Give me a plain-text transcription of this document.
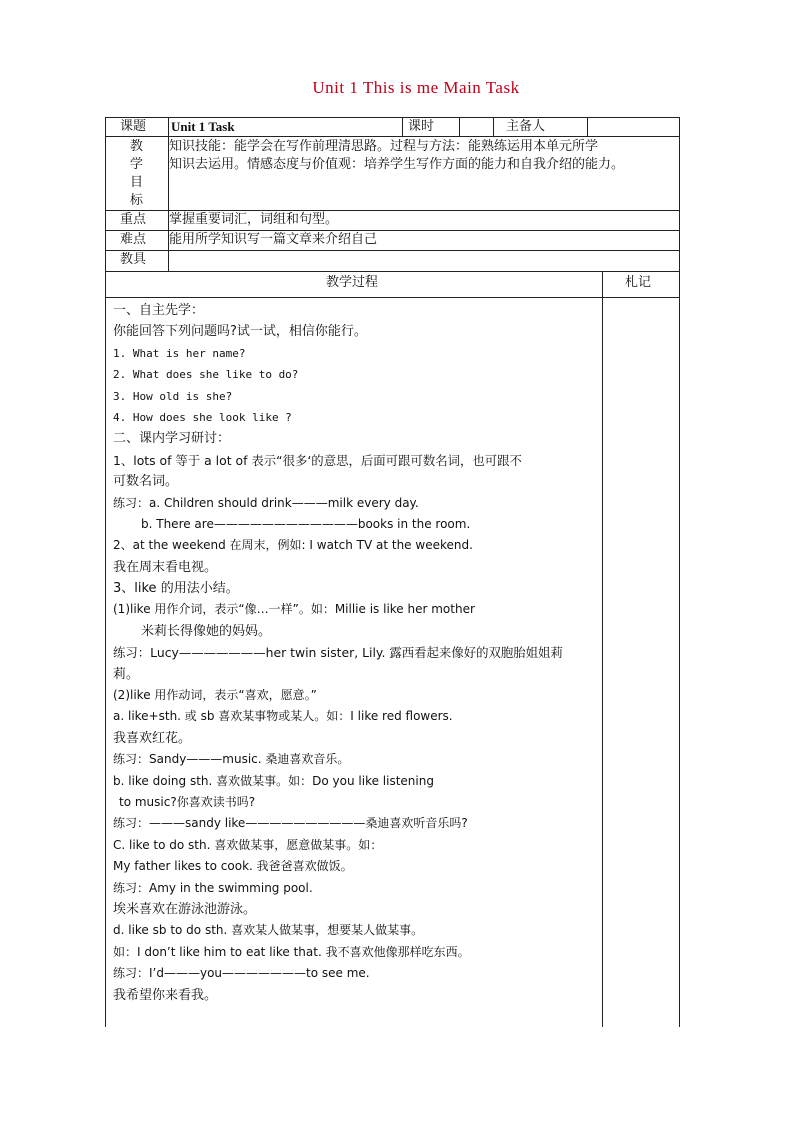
Unit 1 This is me Main Task
课题 Unit 1 Task	课时	主备人
教
学
目
标
知识技能：能学会在写作前理清思路。过程与方法：能熟练运用本单元所学
知识去运用。情感态度与价值观：培养学生写作方面的能力和自我介绍的能力。
重点 掌握重要词汇，词组和句型。
难点 能用所学知识写一篇文章来介绍自己
教具
教学过程	札记
一、自主先学：
你能回答下列问题吗?试一试，相信你能行。
1. What is her name?
2. What does she like to do?
3. How old is she?
4. How does she look like ?
二、课内学习研讨：
1、lots of 等于 a lot of 表示“很多‘的意思，后面可跟可数名词，也可跟不
可数名词。
练习：a. Children should drink———milk every day.
b. There are————————————books in the room.
2、at the weekend 在周末，例如: I watch TV at the weekend.
我在周末看电视。
3、like 的用法小结。
(1)like 用作介词，表示“像…一样”。如：Millie is like her mother
米莉长得像她的妈妈。
练习：Lucy———————her twin sister, Lily. 露西看起来像好的双胞胎姐姐莉
莉。
(2)like 用作动词，表示“喜欢，愿意。”
a. like+sth. 或 sb 喜欢某事物或某人。如：I like red flowers.
我喜欢红花。
练习：Sandy———music. 桑迪喜欢音乐。
b. like doing sth. 喜欢做某事。如：Do you like listening
to music?你喜欢读书吗?
练习：———sandy like——————————桑迪喜欢听音乐吗?
C. like to do sth. 喜欢做某事，愿意做某事。如：
My father likes to cook. 我爸爸喜欢做饭。
练习：Amy in the swimming pool.
埃米喜欢在游泳池游泳。
d. like sb to do sth. 喜欢某人做某事，想要某人做某事。
如：I don’t like him to eat like that. 我不喜欢他像那样吃东西。
练习：I’d———you———————to see me.
我希望你来看我。
